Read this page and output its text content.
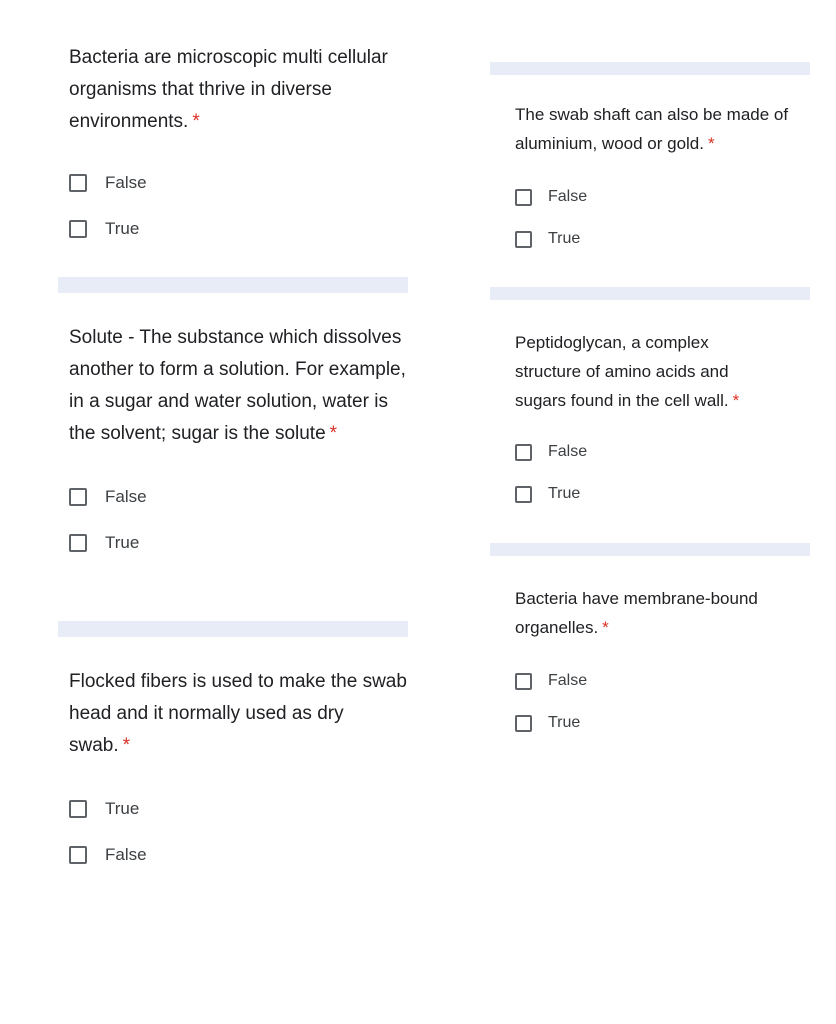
Bacteria are microscopic multi cellular organisms that thrive in diverse environments. *

False
True

Solute - The substance which dissolves another to form a solution. For example, in a sugar and water solution, water is the solvent; sugar is the solute *

False
True

Flocked fibers is used to make the swab head and it normally used as dry swab. *

True
False

The swab shaft can also be made of aluminium, wood or gold. *

False
True

Peptidoglycan, a complex structure of amino acids and sugars found in the cell wall. *

False
True

Bacteria have membrane-bound organelles. *

False
True
